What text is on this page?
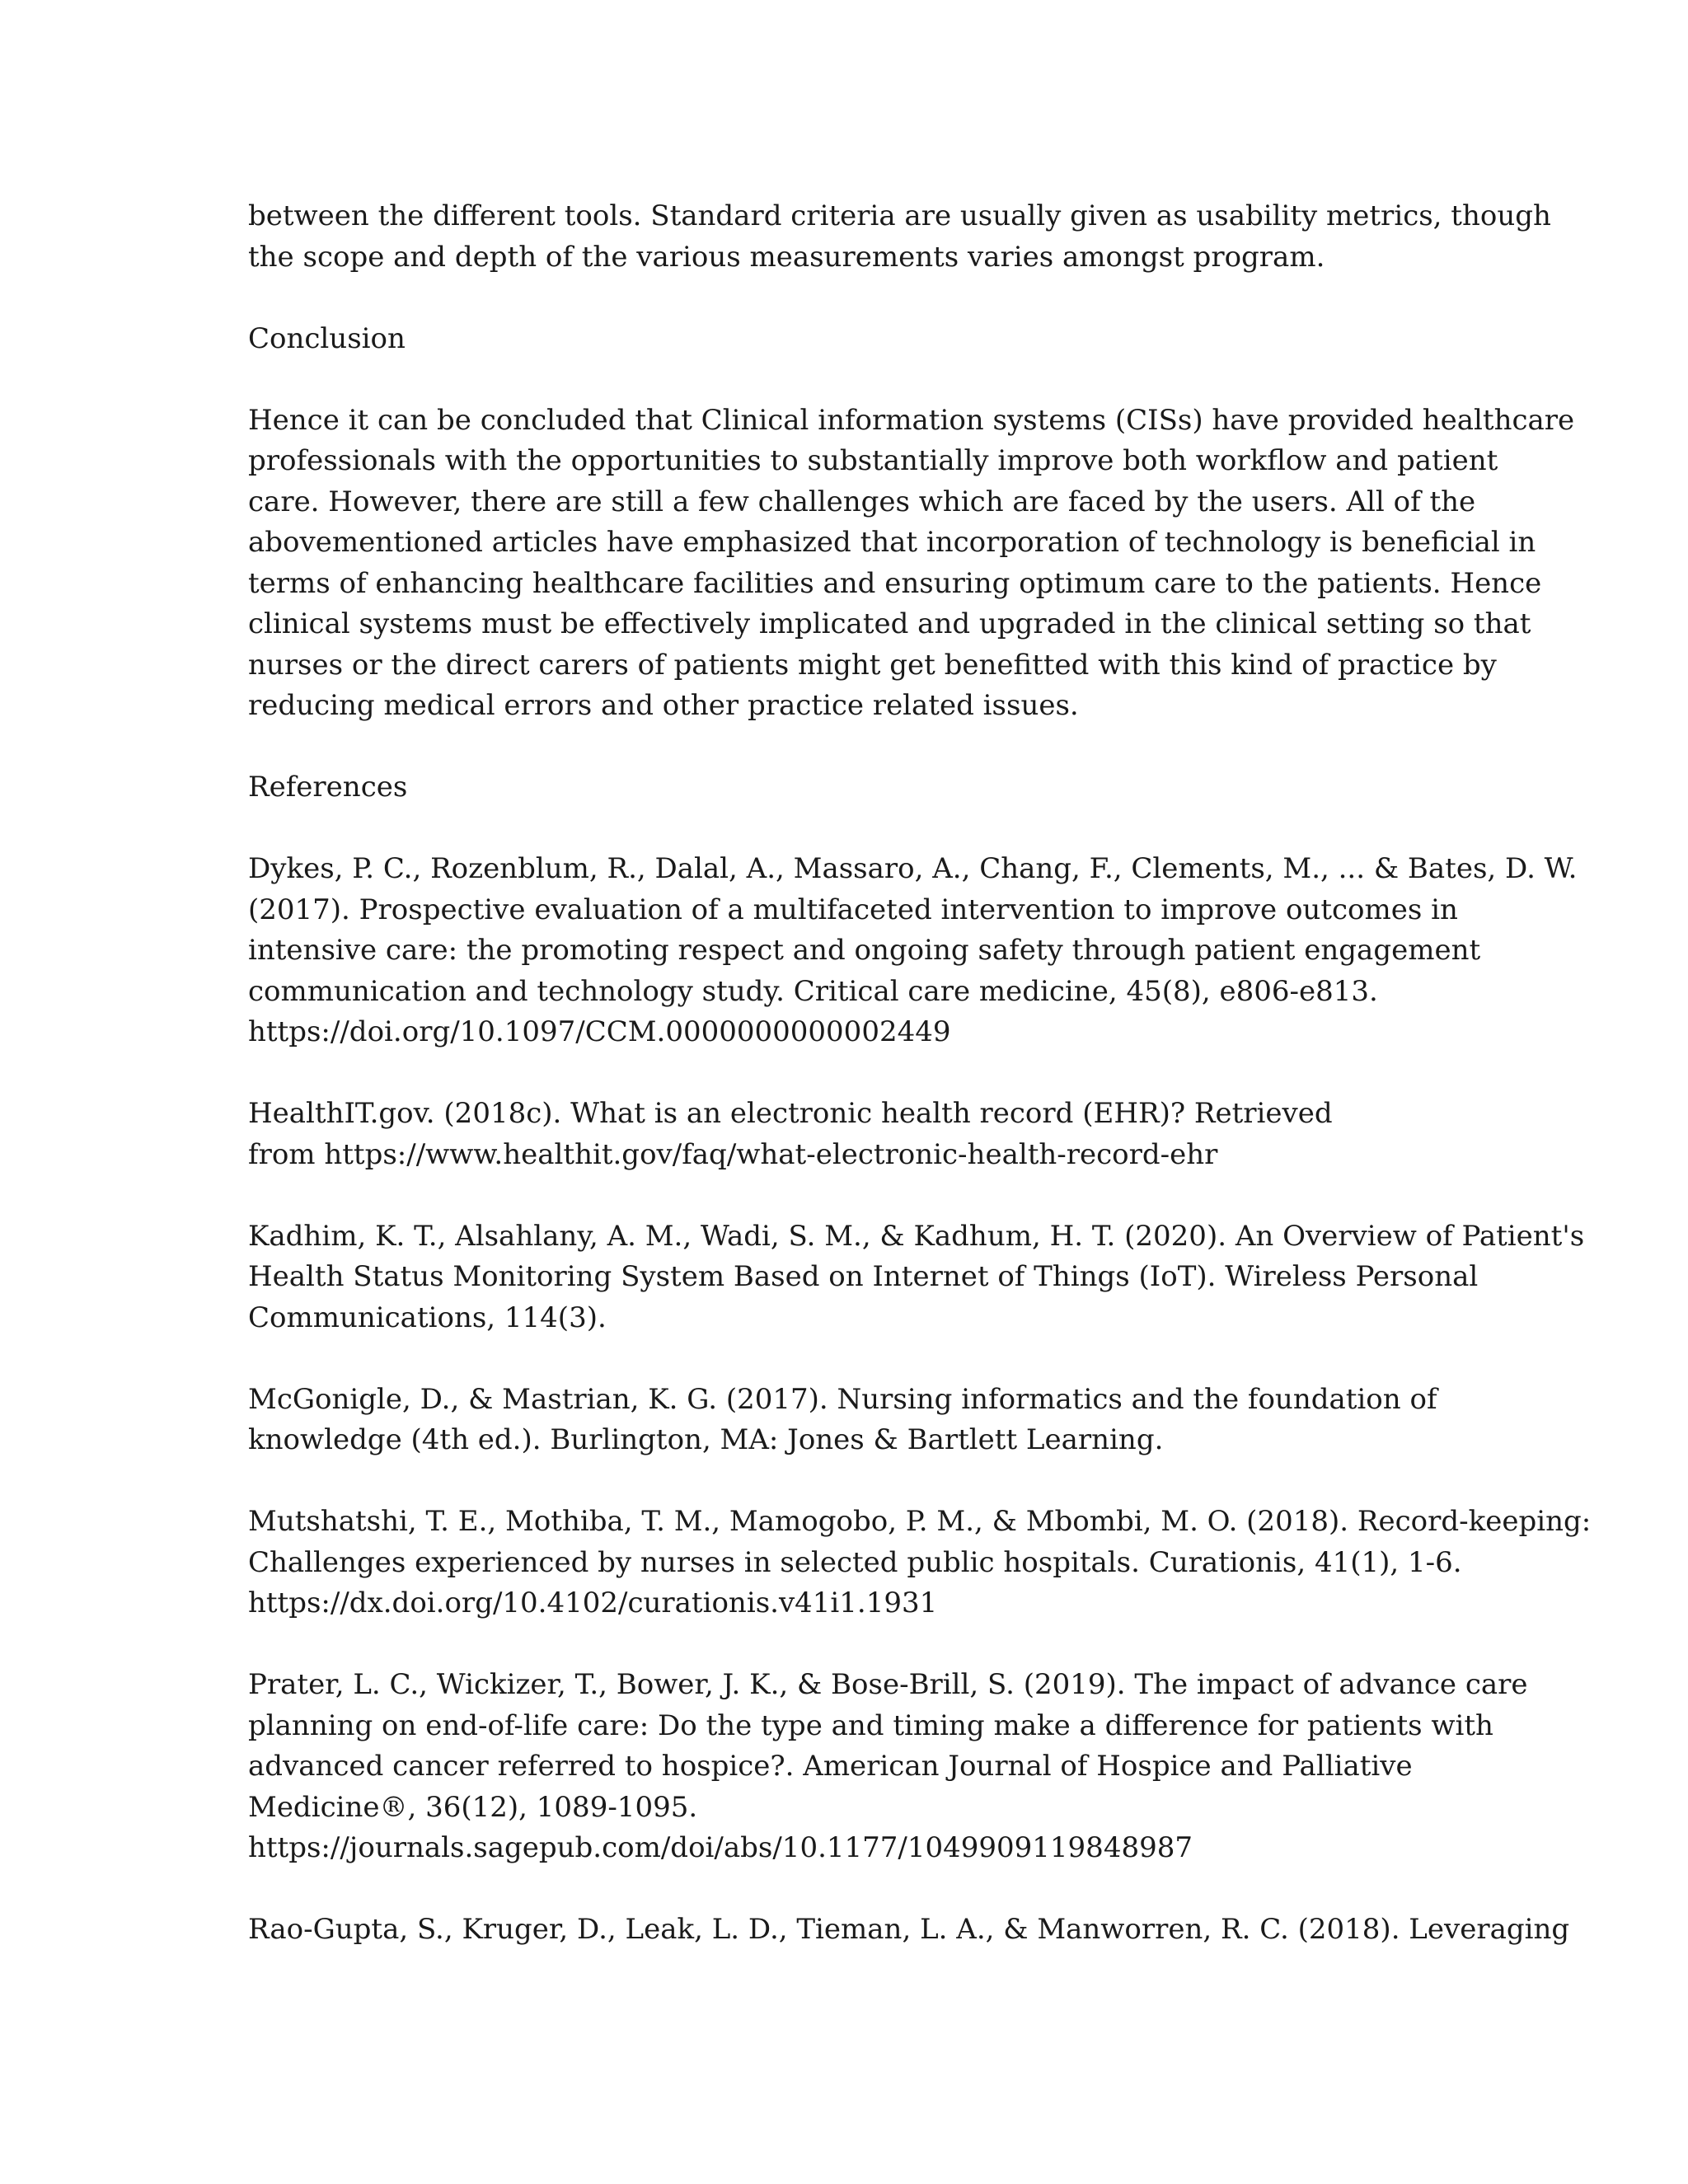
between the different tools. Standard criteria are usually given as usability metrics, though
the scope and depth of the various measurements varies amongst program.
Conclusion
Hence it can be concluded that Clinical information systems (CISs) have provided healthcare
professionals with the opportunities to substantially improve both workflow and patient
care. However, there are still a few challenges which are faced by the users. All of the
abovementioned articles have emphasized that incorporation of technology is beneficial in
terms of enhancing healthcare facilities and ensuring optimum care to the patients. Hence
clinical systems must be effectively implicated and upgraded in the clinical setting so that
nurses or the direct carers of patients might get benefitted with this kind of practice by
reducing medical errors and other practice related issues.
References
Dykes, P. C., Rozenblum, R., Dalal, A., Massaro, A., Chang, F., Clements, M., ... & Bates, D. W.
(2017). Prospective evaluation of a multifaceted intervention to improve outcomes in
intensive care: the promoting respect and ongoing safety through patient engagement
communication and technology study. Critical care medicine, 45(8), e806-e813.
https://doi.org/10.1097/CCM.0000000000002449
HealthIT.gov. (2018c). What is an electronic health record (EHR)? Retrieved
from https://www.healthit.gov/faq/what-electronic-health-record-ehr
Kadhim, K. T., Alsahlany, A. M., Wadi, S. M., & Kadhum, H. T. (2020). An Overview of Patient's
Health Status Monitoring System Based on Internet of Things (IoT). Wireless Personal
Communications, 114(3).
McGonigle, D., & Mastrian, K. G. (2017). Nursing informatics and the foundation of
knowledge (4th ed.). Burlington, MA: Jones & Bartlett Learning.
Mutshatshi, T. E., Mothiba, T. M., Mamogobo, P. M., & Mbombi, M. O. (2018). Record-keeping:
Challenges experienced by nurses in selected public hospitals. Curationis, 41(1), 1-6.
https://dx.doi.org/10.4102/curationis.v41i1.1931
Prater, L. C., Wickizer, T., Bower, J. K., & Bose-Brill, S. (2019). The impact of advance care
planning on end-of-life care: Do the type and timing make a difference for patients with
advanced cancer referred to hospice?. American Journal of Hospice and Palliative
Medicine®, 36(12), 1089-1095.
https://journals.sagepub.com/doi/abs/10.1177/1049909119848987
Rao-Gupta, S., Kruger, D., Leak, L. D., Tieman, L. A., & Manworren, R. C. (2018). Leveraging
